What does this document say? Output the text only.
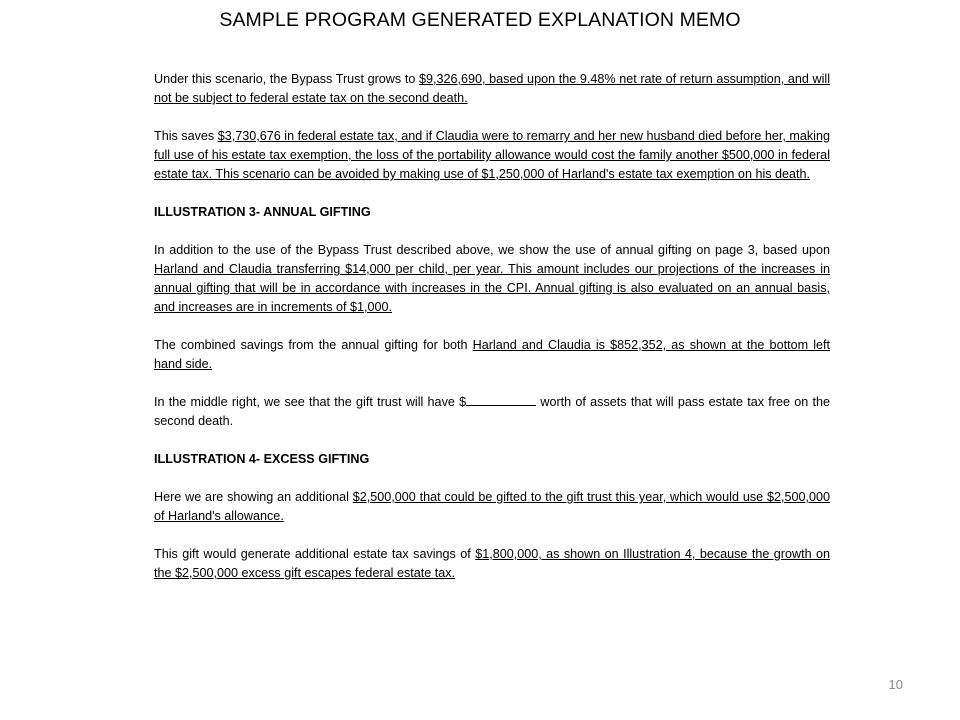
SAMPLE PROGRAM GENERATED EXPLANATION MEMO

Under this scenario, the Bypass Trust grows to $9,326,690, based upon the 9.48% net rate of return assumption, and will not be subject to federal estate tax on the second death.

This saves $3,730,676 in federal estate tax, and if Claudia were to remarry and her new husband died before her, making full use of his estate tax exemption, the loss of the portability allowance would cost the family another $500,000 in federal estate tax. This scenario can be avoided by making use of $1,250,000 of Harland's estate tax exemption on his death.

ILLUSTRATION 3- ANNUAL GIFTING

In addition to the use of the Bypass Trust described above, we show the use of annual gifting on page 3, based upon Harland and Claudia transferring $14,000 per child, per year. This amount includes our projections of the increases in annual gifting that will be in accordance with increases in the CPI. Annual gifting is also evaluated on an annual basis, and increases are in increments of $1,000.

The combined savings from the annual gifting for both Harland and Claudia is $852,352, as shown at the bottom left hand side.

In the middle right, we see that the gift trust will have $	worth of assets that will pass estate tax free on the second death.

ILLUSTRATION 4- EXCESS GIFTING

Here we are showing an additional $2,500,000 that could be gifted to the gift trust this year, which would use $2,500,000 of Harland's allowance.

This gift would generate additional estate tax savings of $1,800,000, as shown on Illustration 4, because the growth on the $2,500,000 excess gift escapes federal estate tax.

10
